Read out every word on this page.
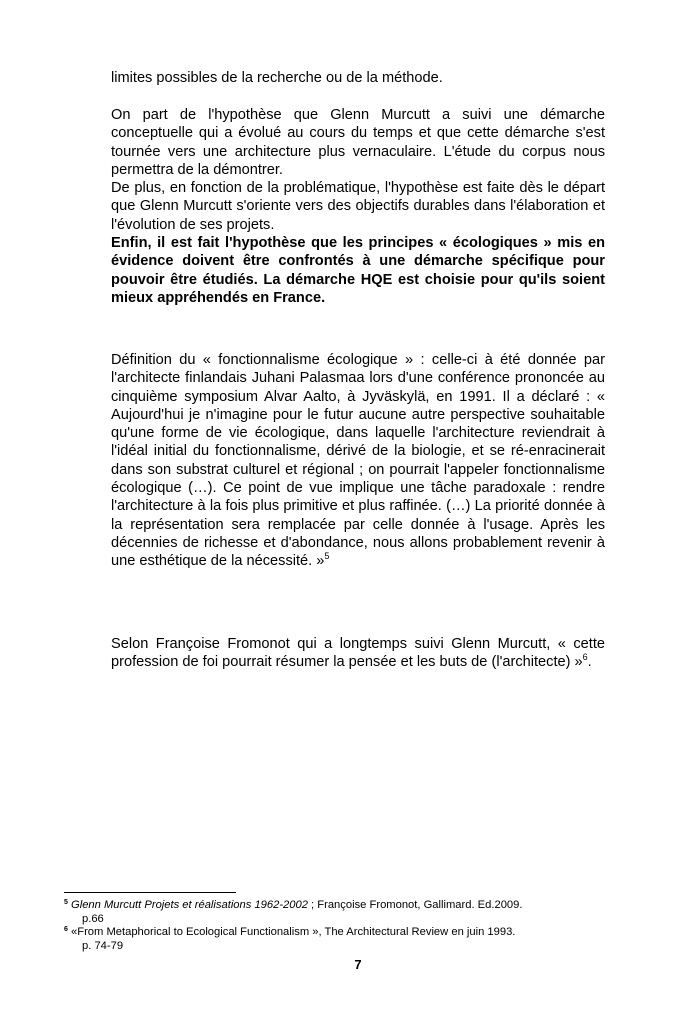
limites possibles de la recherche ou de la méthode.

On part de l'hypothèse que Glenn Murcutt a suivi une démarche conceptuelle qui a évolué au cours du temps et que cette démarche s'est tournée vers une architecture plus vernaculaire. L'étude du corpus nous permettra de la démontrer.

De plus, en fonction de la problématique, l'hypothèse est faite dès le départ que Glenn Murcutt s'oriente vers des objectifs durables dans l'élaboration et l'évolution de ses projets.

Enfin, il est fait l'hypothèse que les principes « écologiques » mis en évidence doivent être confrontés à une démarche spécifique pour pouvoir être étudiés. La démarche HQE est choisie pour qu'ils soient mieux appréhendés en France.

Définition du « fonctionnalisme écologique » : celle-ci à été donnée par l'architecte finlandais Juhani Palasmaa lors d'une conférence prononcée au cinquième symposium Alvar Aalto, à Jyväskylä, en 1991. Il a déclaré : « Aujourd'hui je n'imagine pour le futur aucune autre perspective souhaitable qu'une forme de vie écologique, dans laquelle l'architecture reviendrait à l'idéal initial du fonctionnalisme, dérivé de la biologie, et se ré-enracinerait dans son substrat culturel et régional ; on pourrait l'appeler fonctionnalisme écologique (…). Ce point de vue implique une tâche paradoxale : rendre l'architecture à la fois plus primitive et plus raffinée. (…) La priorité donnée à la représentation sera remplacée par celle donnée à l'usage. Après les décennies de richesse et d'abondance, nous allons probablement revenir à une esthétique de la nécessité. »$^5$

Selon Françoise Fromonot qui a longtemps suivi Glenn Murcutt, « cette profession de foi pourrait résumer la pensée et les buts de (l'architecte) »$^6$.

$^5$ Glenn Murcutt Projets et réalisations 1962-2002 ; Françoise Fromonot, Gallimard. Ed.2009.

p.66

$^6$ «From Metaphorical to Ecological Functionalism », The Architectural Review en juin 1993.

p. 74-79

7
